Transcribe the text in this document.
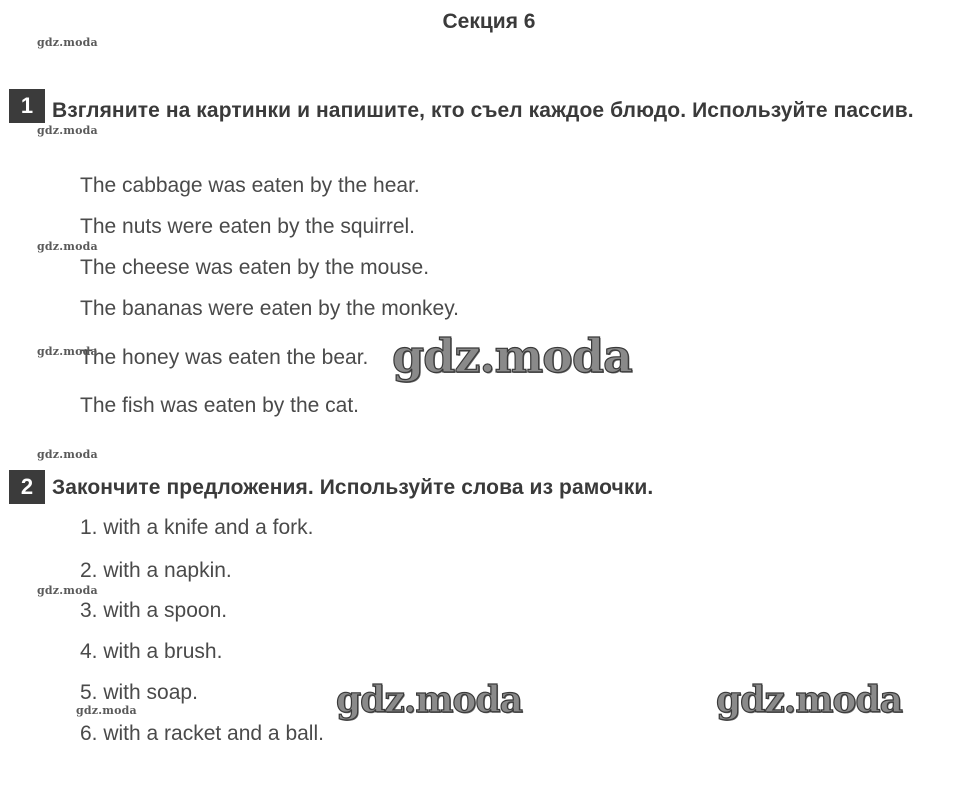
Секция 6
1 Взгляните на картинки и напишите, кто съел каждое блюдо. Используйте пассив.
The cabbage was eaten by the hear.
The nuts were eaten by the squirrel.
The cheese was eaten by the mouse.
The bananas were eaten by the monkey.
The honey was eaten the bear.
The fish was eaten by the cat.
2 Закончите предложения. Используйте слова из рамочки.
1. with a knife and a fork.
2. with a napkin.
3. with a spoon.
4. with a brush.
5. with soap.
6. with a racket and a ball.
gdz.moda
gdz.moda
gdz.moda
gdz.moda
gdz.moda
gdz.moda
gdz.moda
gdz.moda
gdz.moda	gdz.moda
